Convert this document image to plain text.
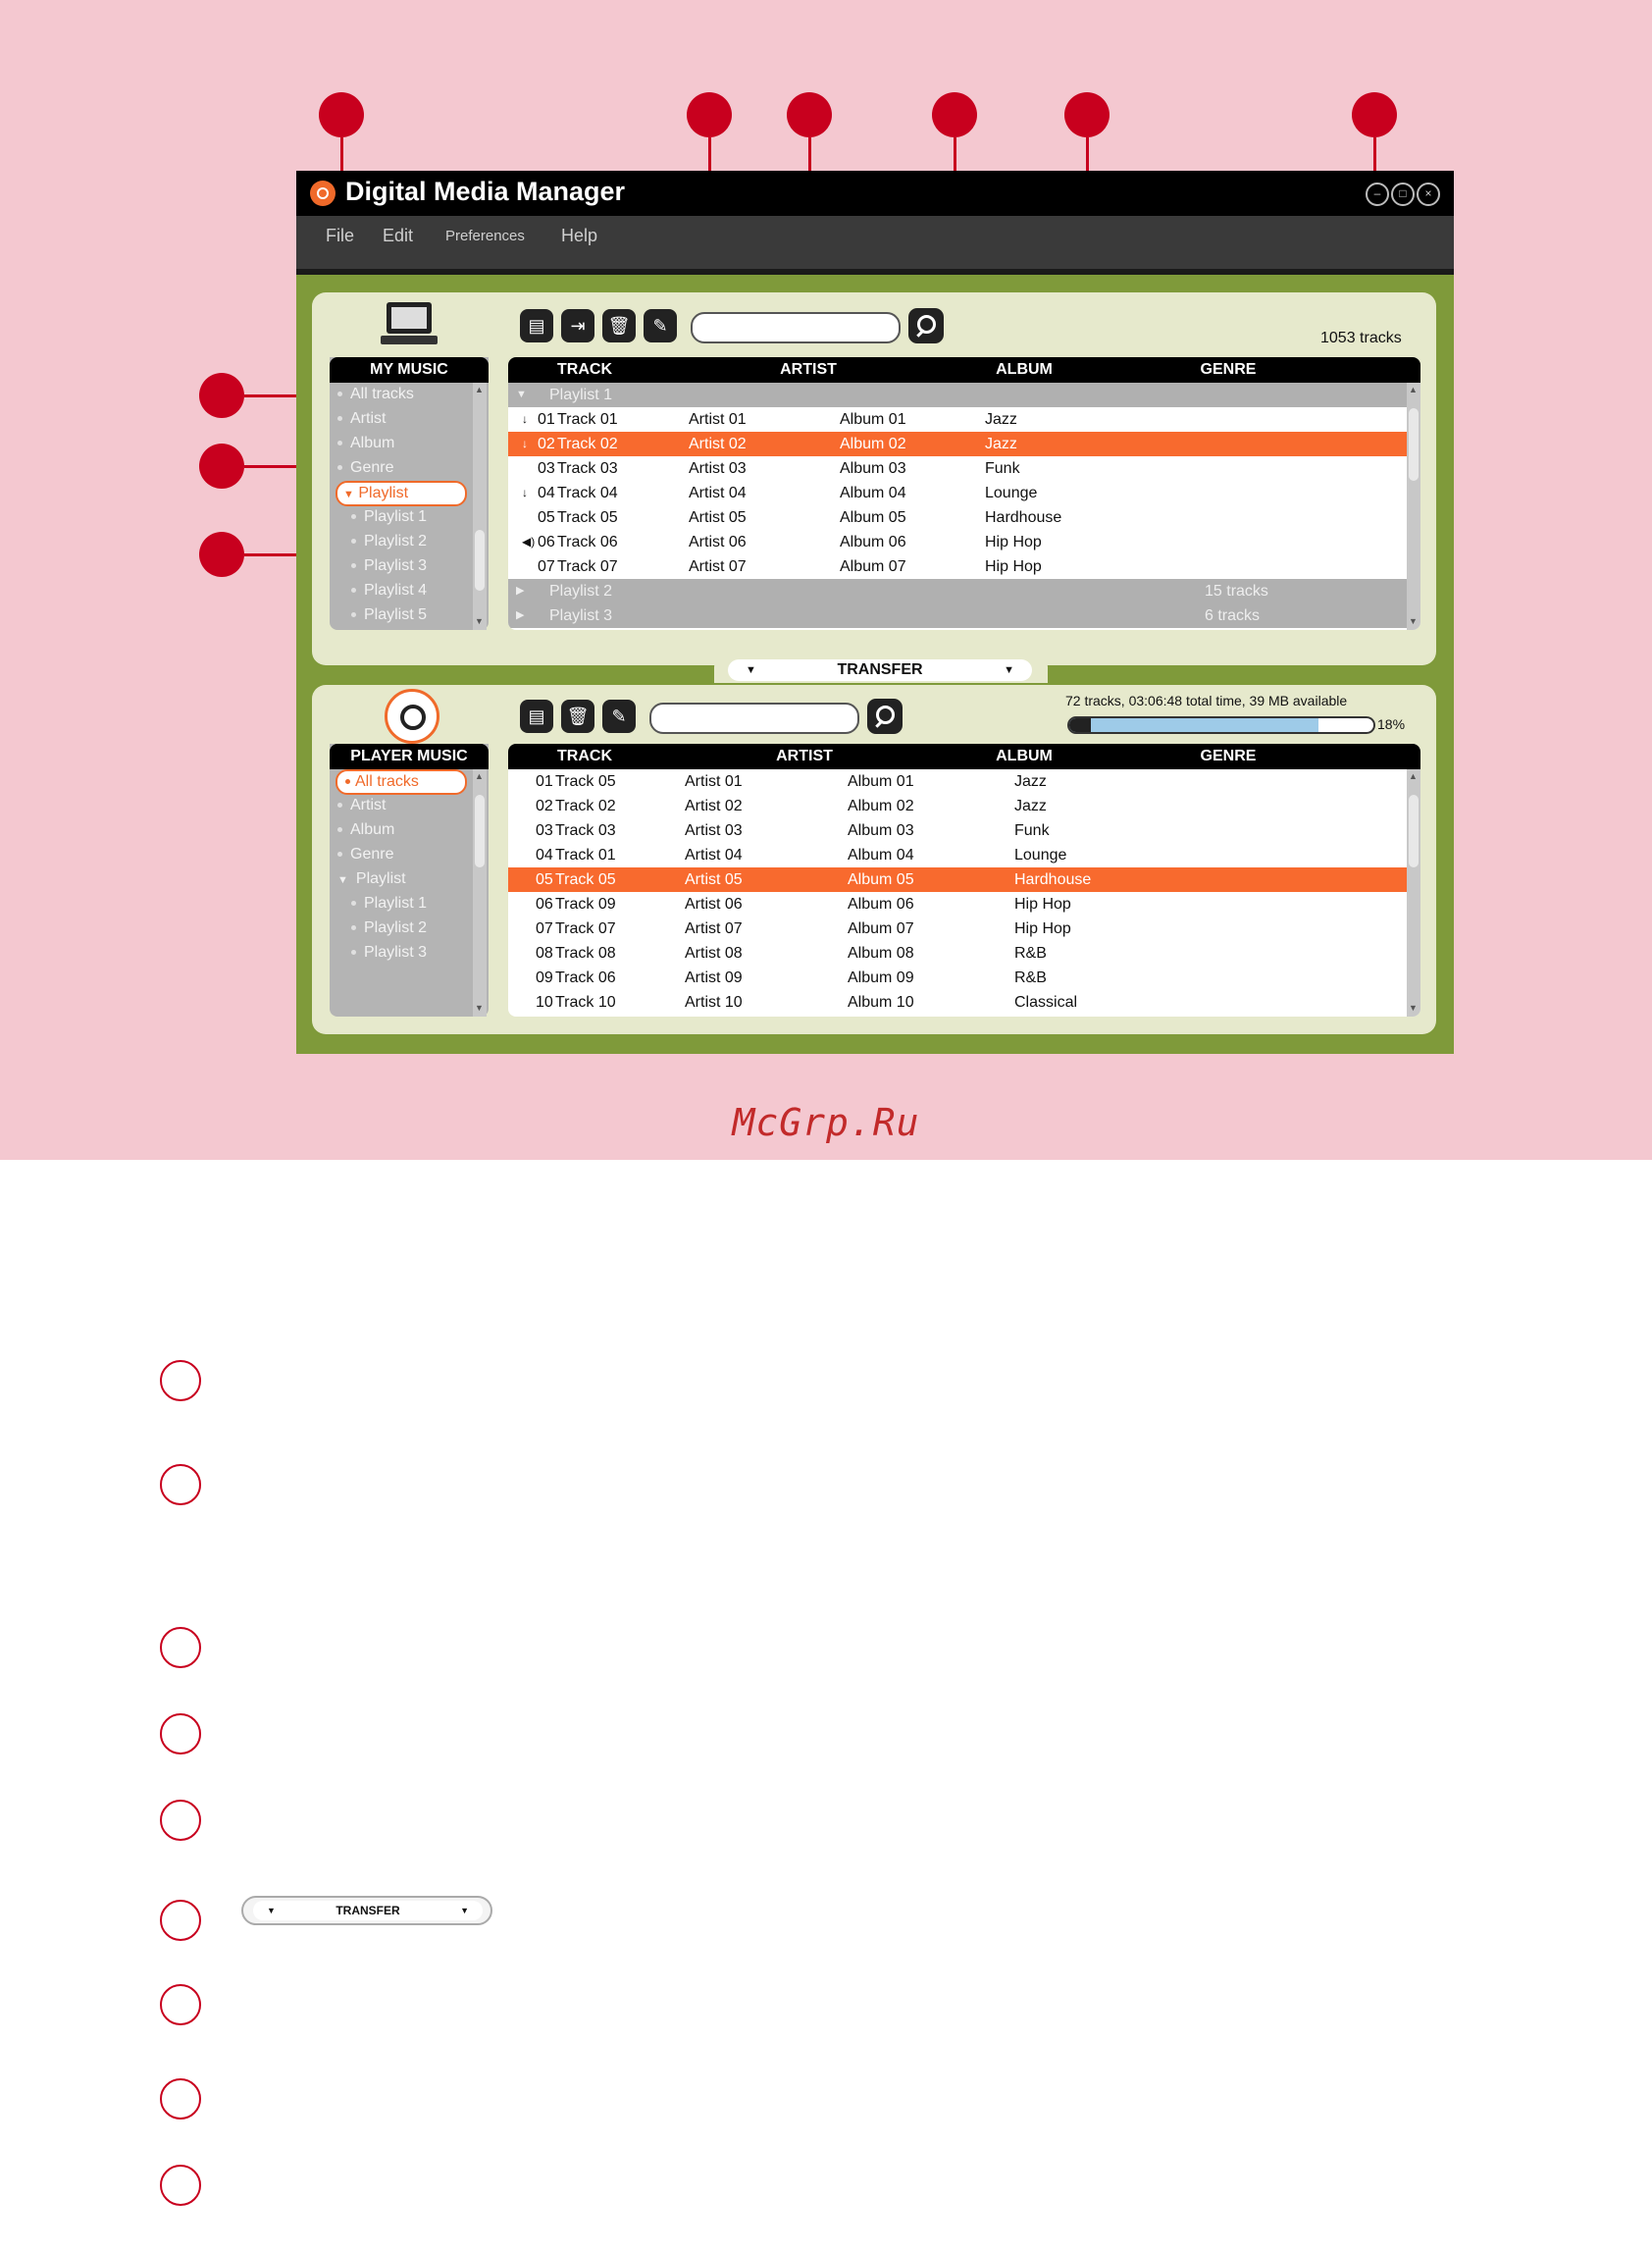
Digital Media Manager	–	□	×
File Edit Preferences Help
MY MUSIC
All tracks
Artist
Album
Genre
▼ Playlist
Playlist 1
Playlist 2
Playlist 3
Playlist 4
Playlist 5
▲
▼
▤	⇥	🗑	✎
1053 tracks
TRACK	ARTIST	ALBUM	GENRE
▼ Playlist 1
↓ 01 Track 01	Artist 01	Album 01	Jazz
↓ 02 Track 02	Artist 02	Album 02	Jazz
03 Track 03	Artist 03	Album 03	Funk
↓ 04 Track 04	Artist 04	Album 04	Lounge
05 Track 05	Artist 05	Album 05	Hardhouse
◀) 06 Track 06	Artist 06	Album 06	Hip Hop
07 Track 07	Artist 07	Album 07	Hip Hop
▶ Playlist 2	15 tracks
▶ Playlist 3	6 tracks
▲
▼
▼	TRANSFER	▼
▤	🗑	✎
72 tracks, 03:06:48 total time, 39 MB available
18%
PLAYER MUSIC
All tracks
Artist
Album
Genre
▼ Playlist
Playlist 1
Playlist 2
Playlist 3
▲
▼
TRACK	ARTIST	ALBUM	GENRE
01 Track 05	Artist 01	Album 01	Jazz
02 Track 02	Artist 02	Album 02	Jazz
03 Track 03	Artist 03	Album 03	Funk
04 Track 01	Artist 04	Album 04	Lounge
05 Track 05	Artist 05	Album 05	Hardhouse
06 Track 09	Artist 06	Album 06	Hip Hop
07 Track 07	Artist 07	Album 07	Hip Hop
08 Track 08	Artist 08	Album 08	R&B
09 Track 06	Artist 09	Album 09	R&B
10 Track 10	Artist 10	Album 10	Classical
▲
▼
McGrp.Ru
▼	TRANSFER	▼
